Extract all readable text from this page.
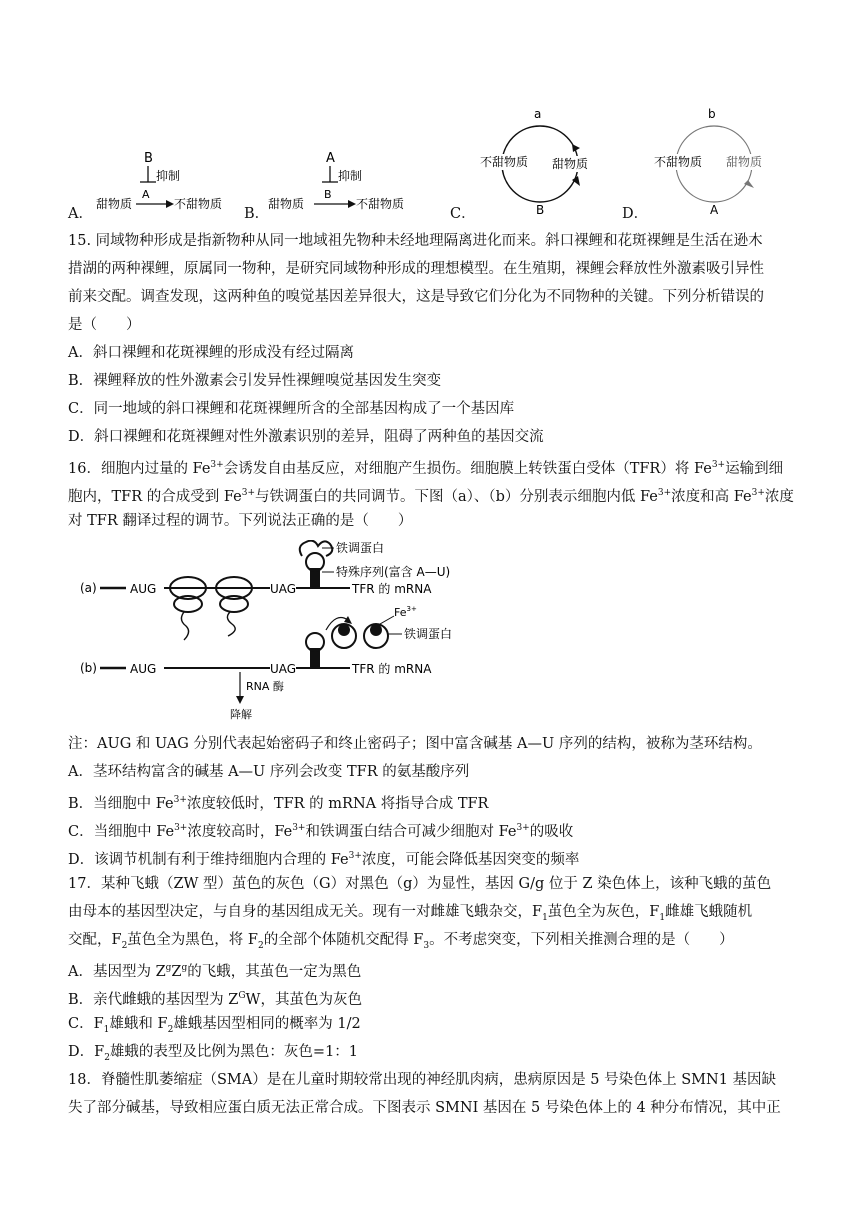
A．
B
抑制
甜物质
A
不甜物质
B．
A
抑制
甜物质
B
不甜物质
C．
a
不甜物质 甜物质
B	D．
b
不甜物质 甜物质
A
15. 同域物种形成是指新物种从同一地域祖先物种未经地理隔离进化而来。斜口裸鲤和花斑裸鲤是生活在逊木
措湖的两种裸鲤，原属同一物种，是研究同域物种形成的理想模型。在生殖期，裸鲤会释放性外激素吸引异性
前来交配。调查发现，这两种鱼的嗅觉基因差异很大，这是导致它们分化为不同物种的关键。下列分析错误的
是（　　）
A．斜口裸鲤和花斑裸鲤的形成没有经过隔离
B．裸鲤释放的性外激素会引发异性裸鲤嗅觉基因发生突变
C．同一地域的斜口裸鲤和花斑裸鲤所含的全部基因构成了一个基因库
D．斜口裸鲤和花斑裸鲤对性外激素识别的差异，阻碍了两种鱼的基因交流
16．细胞内过量的 $Fe^{3+}$会诱发自由基反应，对细胞产生损伤。细胞膜上转铁蛋白受体（TFR）将 $Fe^{3+}$运输到细
胞内，TFR 的合成受到 $Fe^{3+}$与铁调蛋白的共同调节。下图（a）、（b）分别表示细胞内低 $Fe^{3+}$浓度和高 $Fe^{3+}$浓度
对 TFR 翻译过程的调节。下列说法正确的是（　　）
(a)	AUG	UAG
铁调蛋白
特殊序列(富含 A—U)
TFR 的 mRNA
(b)	AUG	UAG	TFR 的 mRNA
$Fe^{3+}$
铁调蛋白
RNA 酶
降解
注：AUG 和 UAG 分别代表起始密码子和终止密码子；图中富含碱基 A—U 序列的结构，被称为茎环结构。
A．茎环结构富含的碱基 A—U 序列会改变 TFR 的氨基酸序列
B．当细胞中 $Fe^{3+}$浓度较低时，TFR 的 mRNA 将指导合成 TFR
C．当细胞中 $Fe^{3+}$浓度较高时，$Fe^{3+}$和铁调蛋白结合可减少细胞对 $Fe^{3+}$的吸收
D．该调节机制有利于维持细胞内合理的 $Fe^{3+}$浓度，可能会降低基因突变的频率
17．某种飞蛾（ZW 型）茧色的灰色（G）对黑色（g）为显性，基因 G/g 位于 Z 染色体上，该种飞蛾的茧色
由母本的基因型决定，与自身的基因组成无关。现有一对雌雄飞蛾杂交，$F_1$茧色全为灰色，$F_1$雌雄飞蛾随机
交配，$F_2$茧色全为黑色，将 $F_2$的全部个体随机交配得 $F_3$。不考虑突变，下列相关推测合理的是（　　）
A．基因型为 $Z^gZ^g$的飞蛾，其茧色一定为黑色
B．亲代雌蛾的基因型为 $Z^GW$，其茧色为灰色
C．$F_1$雄蛾和 $F_2$雄蛾基因型相同的概率为 1/2
D．$F_2$雄蛾的表型及比例为黑色：灰色=1：1
18．脊髓性肌萎缩症（SMA）是在儿童时期较常出现的神经肌肉病，患病原因是 5 号染色体上 SMN1 基因缺
失了部分碱基，导致相应蛋白质无法正常合成。下图表示 SMNI 基因在 5 号染色体上的 4 种分布情况，其中正
